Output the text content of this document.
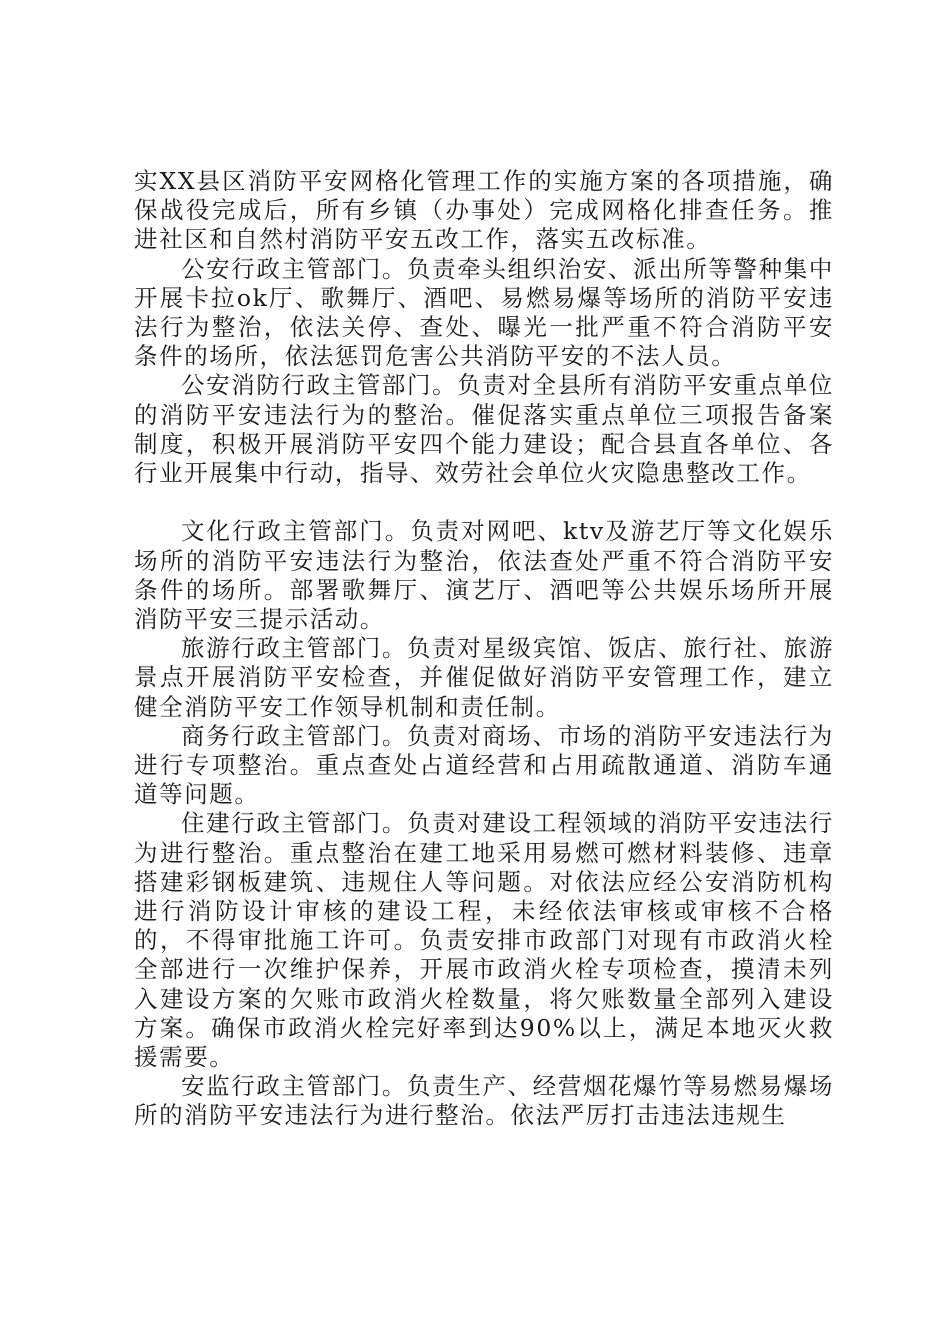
实XX县区消防平安网格化管理工作的实施方案的各项措施，确保战役完成后，所有乡镇（办事处）完成网格化排查任务。推进社区和自然村消防平安五改工作，落实五改标准。

公安行政主管部门。负责牵头组织治安、派出所等警种集中开展卡拉ok厅、歌舞厅、酒吧、易燃易爆等场所的消防平安违法行为整治，依法关停、查处、曝光一批严重不符合消防平安条件的场所，依法惩罚危害公共消防平安的不法人员。

公安消防行政主管部门。负责对全县所有消防平安重点单位的消防平安违法行为的整治。催促落实重点单位三项报告备案制度，积极开展消防平安四个能力建设；配合县直各单位、各行业开展集中行动，指导、效劳社会单位火灾隐患整改工作。

文化行政主管部门。负责对网吧、ktv及游艺厅等文化娱乐场所的消防平安违法行为整治，依法查处严重不符合消防平安条件的场所。部署歌舞厅、演艺厅、酒吧等公共娱乐场所开展消防平安三提示活动。

旅游行政主管部门。负责对星级宾馆、饭店、旅行社、旅游景点开展消防平安检查，并催促做好消防平安管理工作，建立健全消防平安工作领导机制和责任制。

商务行政主管部门。负责对商场、市场的消防平安违法行为进行专项整治。重点查处占道经营和占用疏散通道、消防车通道等问题。

住建行政主管部门。负责对建设工程领域的消防平安违法行为进行整治。重点整治在建工地采用易燃可燃材料装修、违章搭建彩钢板建筑、违规住人等问题。对依法应经公安消防机构进行消防设计审核的建设工程，未经依法审核或审核不合格的，不得审批施工许可。负责安排市政部门对现有市政消火栓全部进行一次维护保养，开展市政消火栓专项检查，摸清未列入建设方案的欠账市政消火栓数量，将欠账数量全部列入建设方案。确保市政消火栓完好率到达90%以上，满足本地灭火救援需要。

安监行政主管部门。负责生产、经营烟花爆竹等易燃易爆场所的消防平安违法行为进行整治。依法严厉打击违法违规生
